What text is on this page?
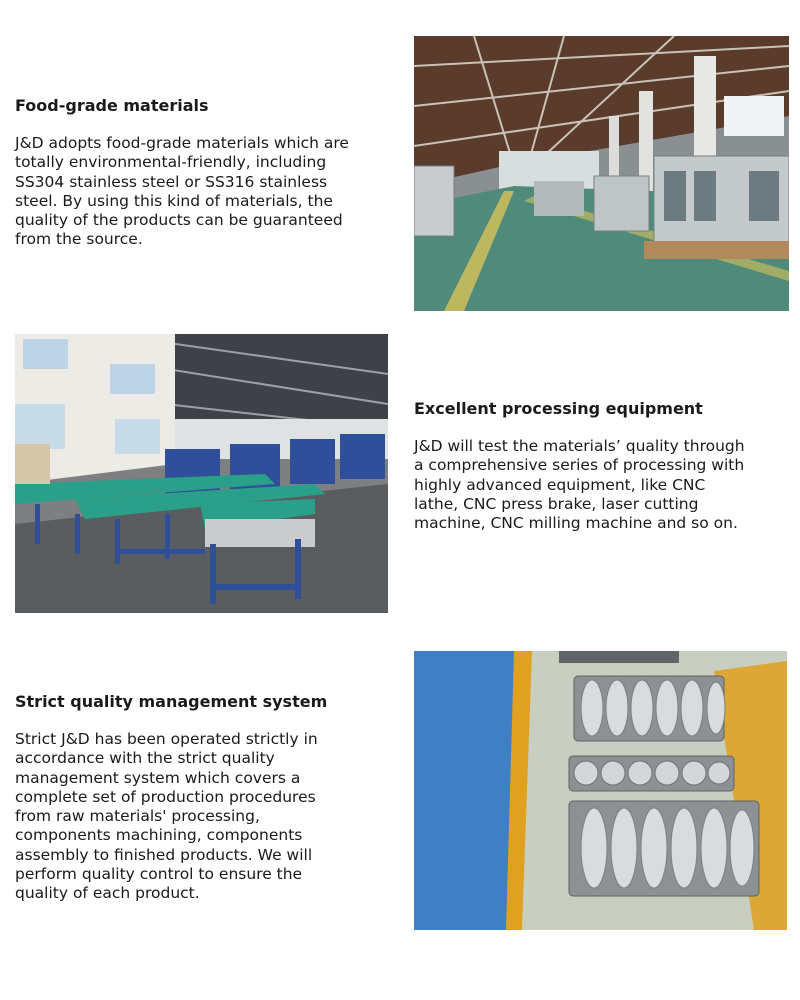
Food-grade materials

J&D adopts food-grade materials which are totally environmental-friendly, including SS304 stainless steel or SS316 stainless steel. By using this kind of materials, the quality of the products can be guaranteed from the source.

Excellent processing equipment

J&D will test the materials’ quality through a comprehensive series of processing with highly advanced equipment, like CNC lathe, CNC press brake, laser cutting machine, CNC milling machine and so on.

Strict quality management system

Strict J&D has been operated strictly in accordance with the strict quality management system which covers a complete set of production procedures from raw materials' processing, components machining, components assembly to finished products. We will perform quality control to ensure the quality of each product.
